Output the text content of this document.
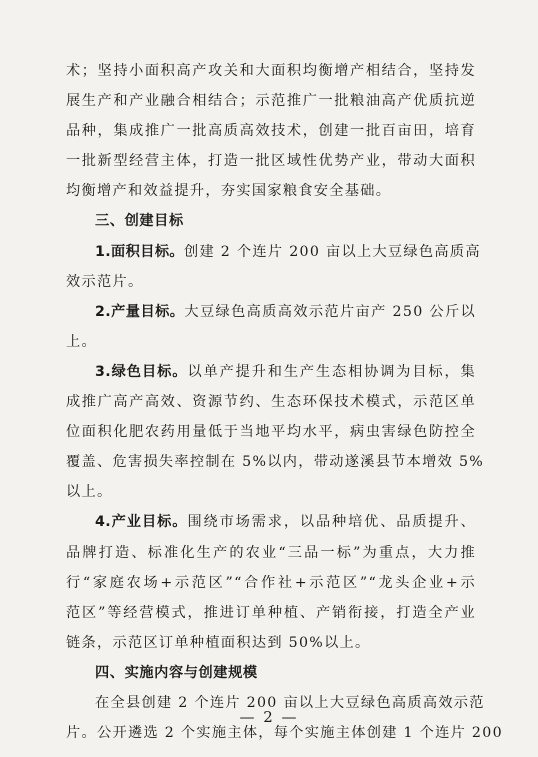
术；坚持小面积高产攻关和大面积均衡增产相结合，坚持发
展生产和产业融合相结合；示范推广一批粮油高产优质抗逆
品种，集成推广一批高质高效技术，创建一批百亩田，培育
一批新型经营主体，打造一批区域性优势产业，带动大面积
均衡增产和效益提升，夯实国家粮食安全基础。
三、创建目标
1.面积目标。创建 2 个连片 200 亩以上大豆绿色高质高
效示范片。
2.产量目标。大豆绿色高质高效示范片亩产 250 公斤以
上。
3.绿色目标。以单产提升和生产生态相协调为目标，集
成推广高产高效、资源节约、生态环保技术模式，示范区单
位面积化肥农药用量低于当地平均水平，病虫害绿色防控全
覆盖、危害损失率控制在 5%以内，带动遂溪县节本增效 5%
以上。
4.产业目标。围绕市场需求，以品种培优、品质提升、
品牌打造、标准化生产的农业“三品一标”为重点，大力推
行“家庭农场+示范区”“合作社+示范区”“龙头企业+示
范区”等经营模式，推进订单种植、产销衔接，打造全产业
链条，示范区订单种植面积达到 50%以上。
四、实施内容与创建规模
在全县创建 2 个连片 200 亩以上大豆绿色高质高效示范
片。公开遴选 2 个实施主体，每个实施主体创建 1 个连片 200
— 2 —
